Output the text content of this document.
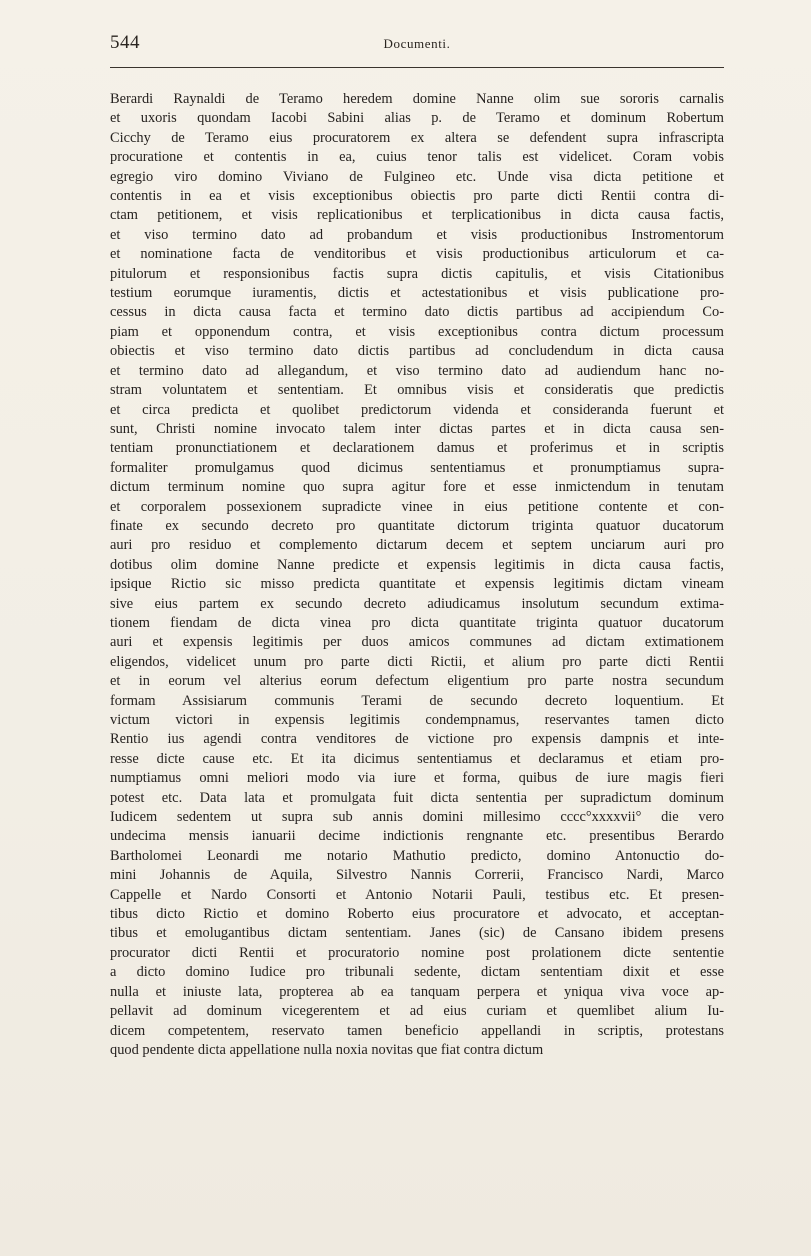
544	Documenti.
Berardi Raynaldi de Teramo heredem domine Nanne olim sue sororis carnalis
et uxoris quondam Iacobi Sabini alias p. de Teramo et dominum Robertum
Cicchy de Teramo eius procuratorem ex altera se defendent supra infrascripta
procuratione et contentis in ea, cuius tenor talis est videlicet. Coram vobis
egregio viro domino Viviano de Fulgineo etc. Unde visa dicta petitione et
contentis in ea et visis exceptionibus obiectis pro parte dicti Rentii contra di-
ctam petitionem, et visis replicationibus et terplicationibus in dicta causa factis,
et viso termino dato ad probandum et visis productionibus Instromentorum
et nominatione facta de venditoribus et visis productionibus articulorum et ca-
pitulorum et responsionibus factis supra dictis capitulis, et visis Citationibus
testium eorumque iuramentis, dictis et actestationibus et visis publicatione pro-
cessus in dicta causa facta et termino dato dictis partibus ad accipiendum Co-
piam et opponendum contra, et visis exceptionibus contra dictum processum
obiectis et viso termino dato dictis partibus ad concludendum in dicta causa
et termino dato ad allegandum, et viso termino dato ad audiendum hanc no-
stram voluntatem et sententiam. Et omnibus visis et consideratis que predictis
et circa predicta et quolibet predictorum videnda et consideranda fuerunt et
sunt, Christi nomine invocato talem inter dictas partes et in dicta causa sen-
tentiam pronunctiationem et declarationem damus et proferimus et in scriptis
formaliter promulgamus quod dicimus sententiamus et pronumptiamus supra-
dictum terminum nomine quo supra agitur fore et esse inmictendum in tenutam
et corporalem possexionem supradicte vinee in eius petitione contente et con-
finate ex secundo decreto pro quantitate dictorum triginta quatuor ducatorum
auri pro residuo et complemento dictarum decem et septem unciarum auri pro
dotibus olim domine Nanne predicte et expensis legitimis in dicta causa factis,
ipsique Rictio sic misso predicta quantitate et expensis legitimis dictam vineam
sive eius partem ex secundo decreto adiudicamus insolutum secundum extima-
tionem fiendam de dicta vinea pro dicta quantitate triginta quatuor ducatorum
auri et expensis legitimis per duos amicos communes ad dictam extimationem
eligendos, videlicet unum pro parte dicti Rictii, et alium pro parte dicti Rentii
et in eorum vel alterius eorum defectum eligentium pro parte nostra secundum
formam Assisiarum communis Terami de secundo decreto loquentium. Et
victum victori in expensis legitimis condempnamus, reservantes tamen dicto
Rentio ius agendi contra venditores de victione pro expensis dampnis et inte-
resse dicte cause etc. Et ita dicimus sententiamus et declaramus et etiam pro-
numptiamus omni meliori modo via iure et forma, quibus de iure magis fieri
potest etc. Data lata et promulgata fuit dicta sententia per supradictum dominum
Iudicem sedentem ut supra sub annis domini millesimo cccc°xxxxvii° die vero
undecima mensis ianuarii decime indictionis rengnante etc. presentibus Berardo
Bartholomei Leonardi me notario Mathutio predicto, domino Antonuctio do-
mini Johannis de Aquila, Silvestro Nannis Correrii, Francisco Nardi, Marco
Cappelle et Nardo Consorti et Antonio Notarii Pauli, testibus etc. Et presen-
tibus dicto Rictio et domino Roberto eius procuratore et advocato, et acceptan-
tibus et emolugantibus dictam sententiam. Janes (sic) de Cansano ibidem presens
procurator dicti Rentii et procuratorio nomine post prolationem dicte sententie
a dicto domino Iudice pro tribunali sedente, dictam sententiam dixit et esse
nulla et iniuste lata, propterea ab ea tanquam perpera et yniqua viva voce ap-
pellavit ad dominum vicegerentem et ad eius curiam et quemlibet alium Iu-
dicem competentem, reservato tamen beneficio appellandi in scriptis, protestans
quod pendente dicta appellatione nulla noxia novitas que fiat contra dictum
